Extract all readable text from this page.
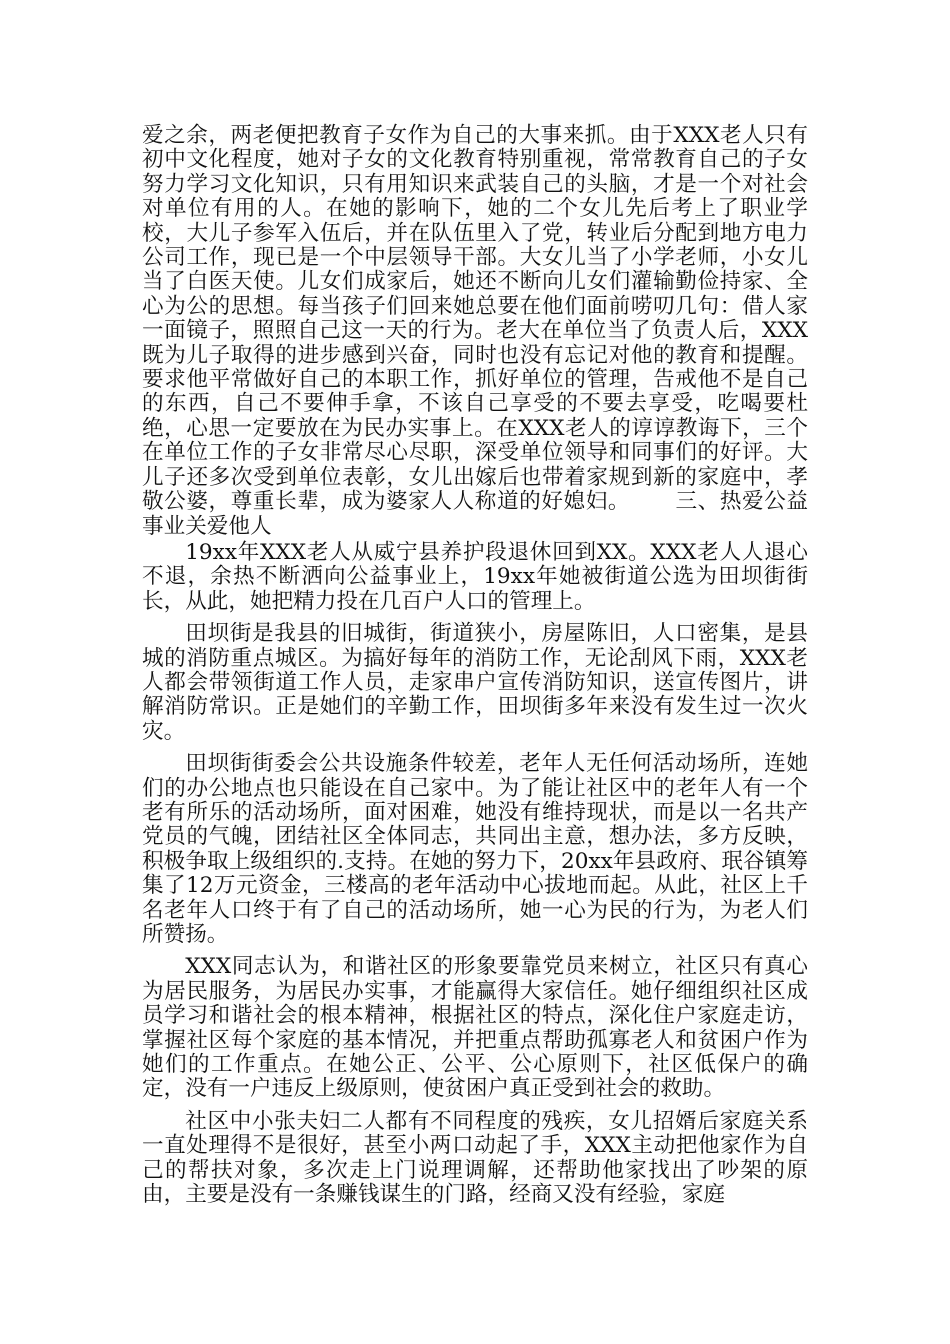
爱之余，两老便把教育子女作为自己的大事来抓。由于XXX老人只有初中文化程度，她对子女的文化教育特别重视，常常教育自己的子女努力学习文化知识，只有用知识来武装自己的头脑，才是一个对社会对单位有用的人。在她的影响下，她的二个女儿先后考上了职业学校，大儿子参军入伍后，并在队伍里入了党，转业后分配到地方电力公司工作，现已是一个中层领导干部。大女儿当了小学老师，小女儿当了白医天使。儿女们成家后，她还不断向儿女们灌输勤俭持家、全心为公的思想。每当孩子们回来她总要在他们面前唠叨几句：借人家一面镜子，照照自己这一天的行为。老大在单位当了负责人后，XXX既为儿子取得的进步感到兴奋，同时也没有忘记对他的教育和提醒。要求他平常做好自己的本职工作，抓好单位的管理，告戒他不是自己的东西，自己不要伸手拿，不该自己享受的不要去享受，吃喝要杜绝，心思一定要放在为民办实事上。在XXX老人的谆谆教诲下，三个在单位工作的子女非常尽心尽职，深受单位领导和同事们的好评。大儿子还多次受到单位表彰，女儿出嫁后也带着家规到新的家庭中，孝敬公婆，尊重长辈，成为婆家人人称道的好媳妇。 三、热爱公益事业关爱他人

19xx年XXX老人从威宁县养护段退休回到XX。XXX老人人退心不退，余热不断洒向公益事业上，19xx年她被街道公选为田坝街街长，从此，她把精力投在几百户人口的管理上。

田坝街是我县的旧城街，街道狭小，房屋陈旧，人口密集，是县城的消防重点城区。为搞好每年的消防工作，无论刮风下雨，XXX老人都会带领街道工作人员，走家串户宣传消防知识，送宣传图片，讲解消防常识。正是她们的辛勤工作，田坝街多年来没有发生过一次火灾。

田坝街街委会公共设施条件较差，老年人无任何活动场所，连她们的办公地点也只能设在自己家中。为了能让社区中的老年人有一个老有所乐的活动场所，面对困难，她没有维持现状，而是以一名共产党员的气魄，团结社区全体同志，共同出主意，想办法，多方反映，积极争取上级组织的.支持。在她的努力下，20xx年县政府、珉谷镇筹集了12万元资金，三楼高的老年活动中心拔地而起。从此，社区上千名老年人口终于有了自己的活动场所，她一心为民的行为，为老人们所赞扬。

XXX同志认为，和谐社区的形象要靠党员来树立，社区只有真心为居民服务，为居民办实事，才能赢得大家信任。她仔细组织社区成员学习和谐社会的根本精神，根据社区的特点，深化住户家庭走访，掌握社区每个家庭的基本情况，并把重点帮助孤寡老人和贫困户作为她们的工作重点。在她公正、公平、公心原则下，社区低保户的确定，没有一户违反上级原则，使贫困户真正受到社会的救助。

社区中小张夫妇二人都有不同程度的残疾，女儿招婿后家庭关系一直处理得不是很好，甚至小两口动起了手，XXX主动把他家作为自己的帮扶对象，多次走上门说理调解，还帮助他家找出了吵架的原由，主要是没有一条赚钱谋生的门路，经商又没有经验，家庭
